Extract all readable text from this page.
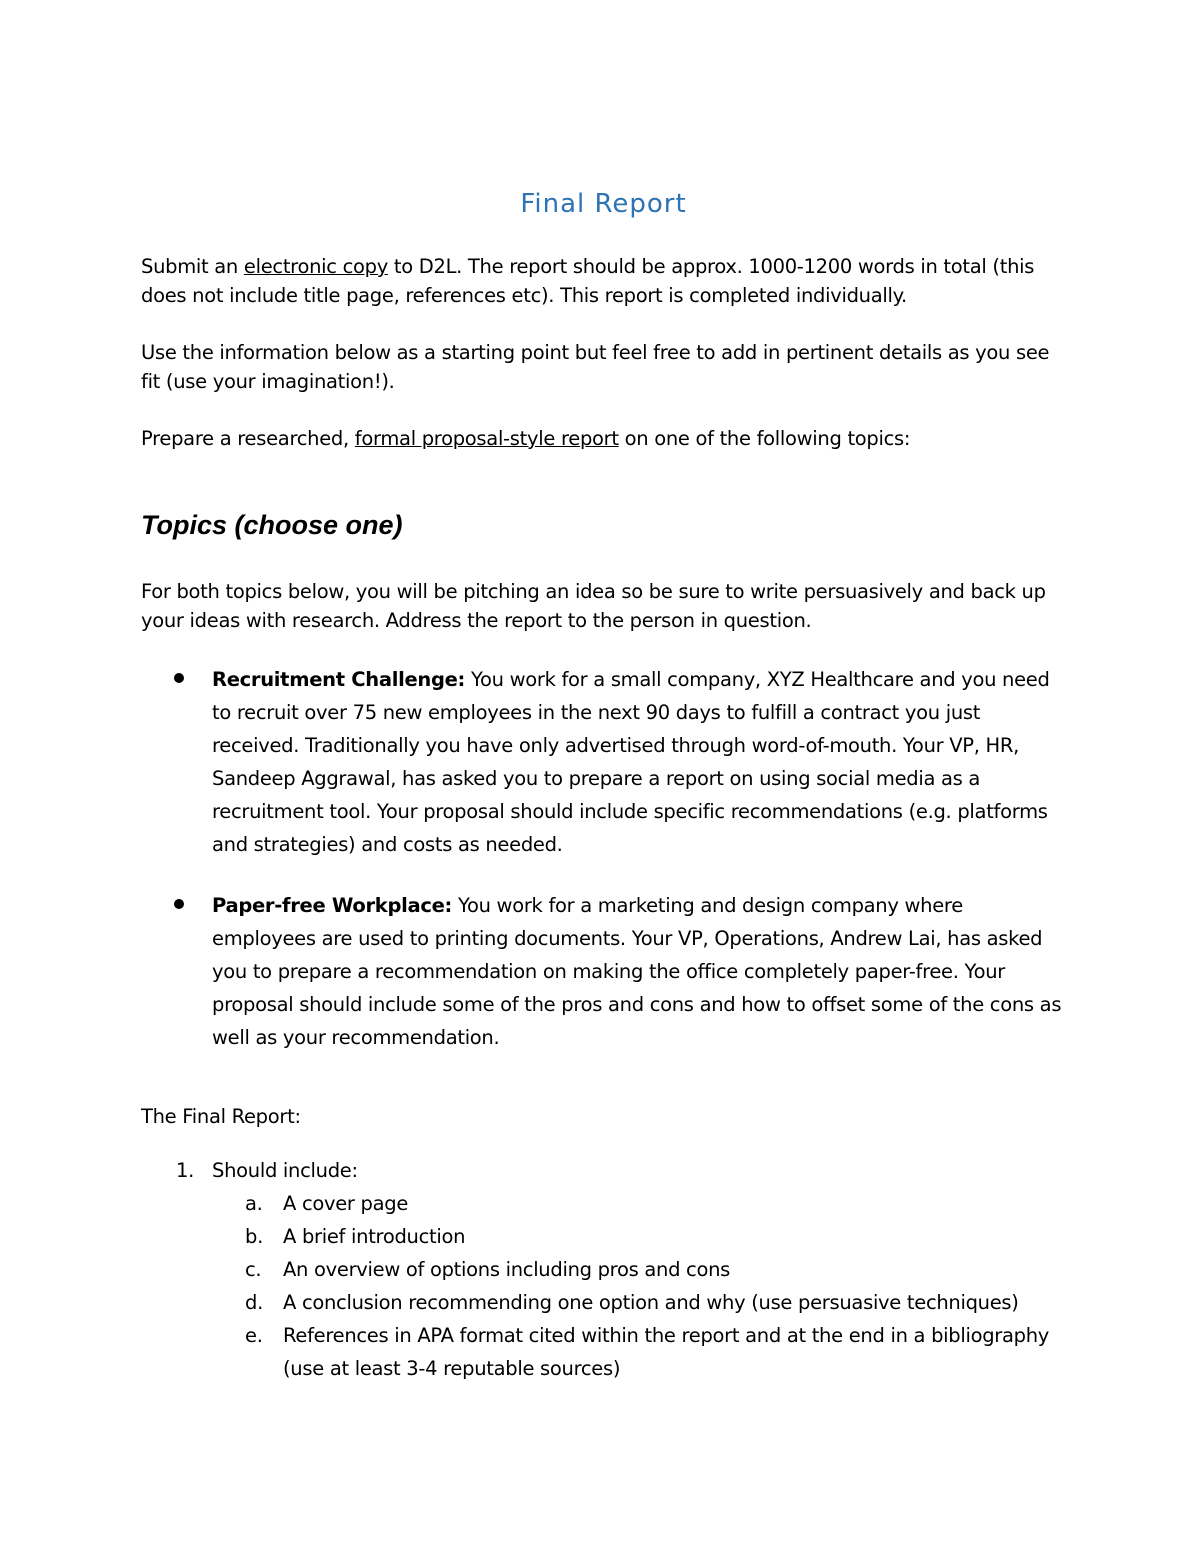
Final Report

Submit an electronic copy to D2L. The report should be approx. 1000-1200 words in total (this does not include title page, references etc). This report is completed individually.

Use the information below as a starting point but feel free to add in pertinent details as you see fit (use your imagination!).

Prepare a researched, formal proposal-style report on one of the following topics:

Topics (choose one)

For both topics below, you will be pitching an idea so be sure to write persuasively and back up your ideas with research. Address the report to the person in question.

Recruitment Challenge: You work for a small company, XYZ Healthcare and you need to recruit over 75 new employees in the next 90 days to fulfill a contract you just received. Traditionally you have only advertised through word-of-mouth. Your VP, HR, Sandeep Aggrawal, has asked you to prepare a report on using social media as a recruitment tool. Your proposal should include specific recommendations (e.g. platforms and strategies) and costs as needed.
Paper-free Workplace: You work for a marketing and design company where employees are used to printing documents. Your VP, Operations, Andrew Lai, has asked you to prepare a recommendation on making the office completely paper-free. Your proposal should include some of the pros and cons and how to offset some of the cons as well as your recommendation.

The Final Report:

1. Should include:
a. A cover page
b. A brief introduction
c. An overview of options including pros and cons
d. A conclusion recommending one option and why (use persuasive techniques)
e. References in APA format cited within the report and at the end in a bibliography (use at least 3-4 reputable sources)
